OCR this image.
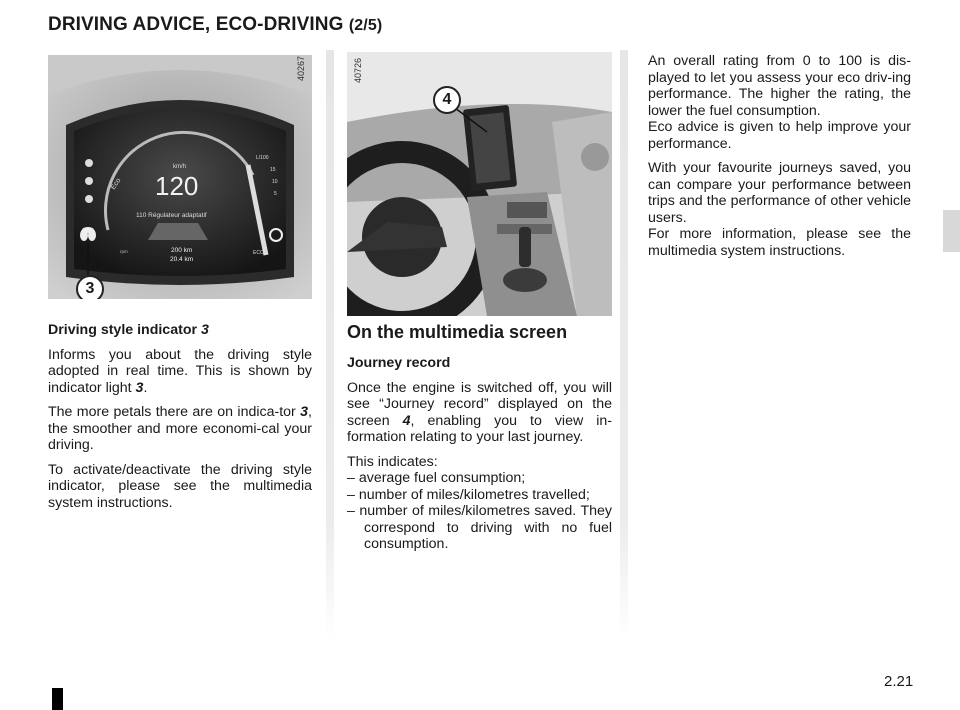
DRIVING ADVICE, ECO-DRIVING (2/5)
120
km/h
Eco
110 Régulateur adaptatif
200 km
20.4 km
L/100
15
10
5
rpm	ECO
3
40267
4
40726

Driving style indicator 3

Informs you about the driving style adopted in real time. This is shown by indicator light 3.

The more petals there are on indica-tor 3, the smoother and more economi-cal your driving.

To activate/deactivate the driving style indicator, please see the multimedia system instructions.

On the multimedia screen

Journey record

Once the engine is switched off, you will see “Journey record” displayed on the screen 4, enabling you to view in-formation relating to your last journey.

This indicates:

– average fuel consumption;
– number of miles/kilometres travelled;
– number of miles/kilometres saved. They correspond to driving with no fuel consumption.

An overall rating from 0 to 100 is dis-played to let you assess your eco driv-ing performance. The higher the rating, the lower the fuel consumption.

Eco advice is given to help improve your performance.

With your favourite journeys saved, you can compare your performance between trips and the performance of other vehicle users.

For more information, please see the multimedia system instructions.

2.21
